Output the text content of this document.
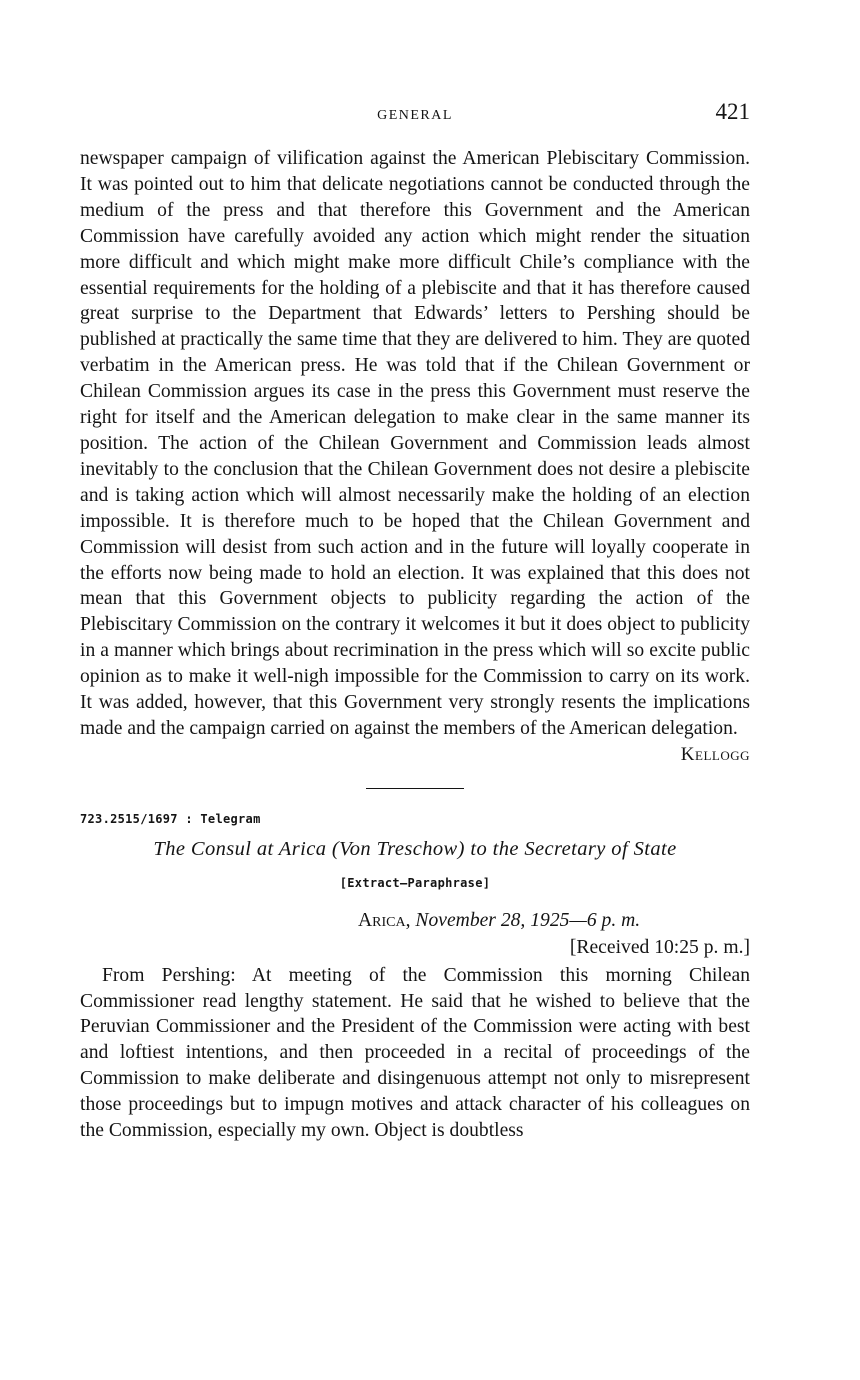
GENERAL	421

newspaper campaign of vilification against the American Plebiscitary Commission. It was pointed out to him that delicate negotiations cannot be conducted through the medium of the press and that therefore this Government and the American Commission have carefully avoided any action which might render the situation more difficult and which might make more difficult Chile’s compliance with the essential requirements for the holding of a plebiscite and that it has therefore caused great surprise to the Department that Edwards’ letters to Pershing should be published at practically the same time that they are delivered to him. They are quoted verbatim in the American press. He was told that if the Chilean Government or Chilean Commission argues its case in the press this Government must reserve the right for itself and the American delegation to make clear in the same manner its position. The action of the Chilean Government and Commission leads almost inevitably to the conclusion that the Chilean Government does not desire a plebiscite and is taking action which will almost necessarily make the holding of an election impossible. It is therefore much to be hoped that the Chilean Government and Commission will desist from such action and in the future will loyally cooperate in the efforts now being made to hold an election. It was explained that this does not mean that this Government objects to publicity regarding the action of the Plebiscitary Commission on the contrary it welcomes it but it does object to publicity in a manner which brings about recrimination in the press which will so excite public opinion as to make it well-nigh impossible for the Commission to carry on its work. It was added, however, that this Government very strongly resents the implications made and the campaign carried on against the members of the American delegation.

Kellogg
723.2515/1697 : Telegram
The Consul at Arica (Von Treschow) to the Secretary of State
[Extract—Paraphrase]
Arica, November 28, 1925—6 p. m.
[Received 10:25 p. m.]

From Pershing: At meeting of the Commission this morning Chilean Commissioner read lengthy statement. He said that he wished to believe that the Peruvian Commissioner and the President of the Commission were acting with best and loftiest intentions, and then proceeded in a recital of proceedings of the Commission to make deliberate and disingenuous attempt not only to misrepresent those proceedings but to impugn motives and attack character of his colleagues on the Commission, especially my own. Object is doubtless
